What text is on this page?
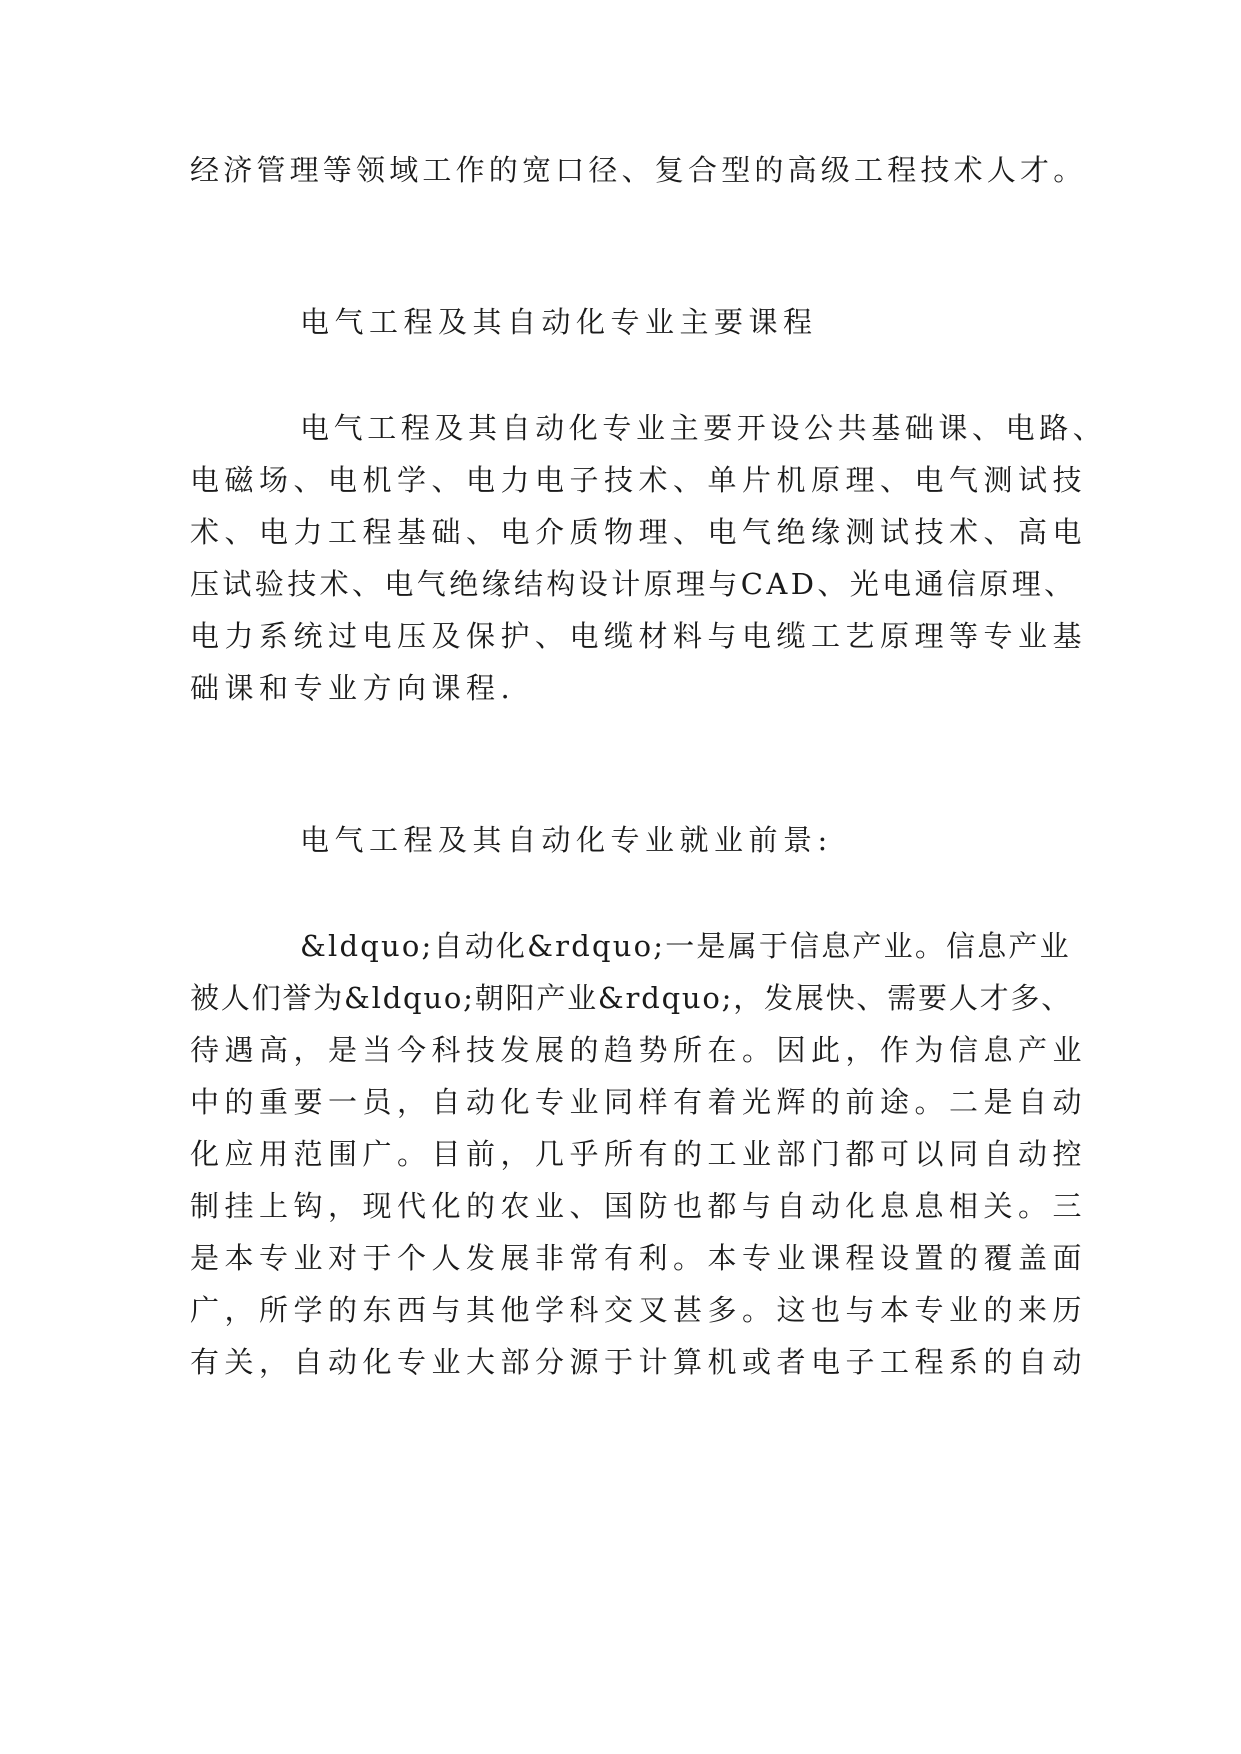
经济管理等领域工作的宽口径、复合型的高级工程技术人才。
电气工程及其自动化专业主要课程
电气工程及其自动化专业主要开设公共基础课、电路、
电磁场、电机学、电力电子技术、单片机原理、电气测试技
术、电力工程基础、电介质物理、电气绝缘测试技术、高电
压试验技术、电气绝缘结构设计原理与CAD、光电通信原理、
电力系统过电压及保护、电缆材料与电缆工艺原理等专业基
础课和专业方向课程.
电气工程及其自动化专业就业前景:
&ldquo;自动化&rdquo;一是属于信息产业。信息产业
被人们誉为&ldquo;朝阳产业&rdquo;，发展快、需要人才多、
待遇高，是当今科技发展的趋势所在。因此，作为信息产业
中的重要一员，自动化专业同样有着光辉的前途。二是自动
化应用范围广。目前，几乎所有的工业部门都可以同自动控
制挂上钩，现代化的农业、国防也都与自动化息息相关。三
是本专业对于个人发展非常有利。本专业课程设置的覆盖面
广，所学的东西与其他学科交叉甚多。这也与本专业的来历
有关，自动化专业大部分源于计算机或者电子工程系的自动
